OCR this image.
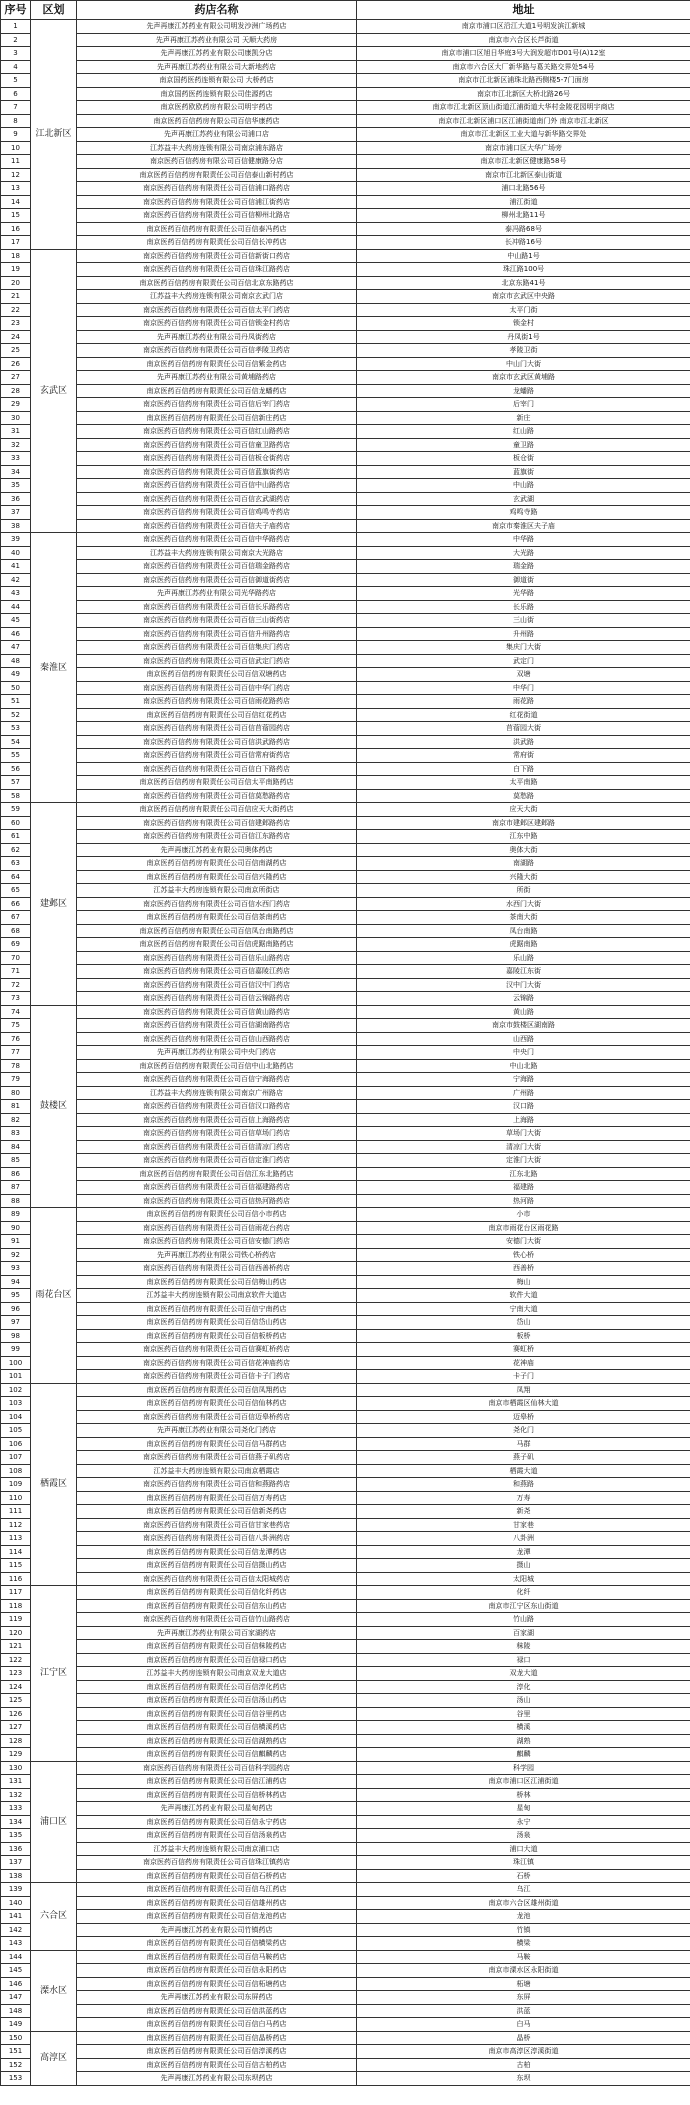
序号	区划	药店名称	地址
1	江北新区	先声再康江苏药业有限公司明发沙洲广场药店	南京市浦口区沿江大道1号明发滨江新城
2		先声再康江苏药业有限公司 天顺大药房	南京市六合区长芦街道
3		先声再康江苏药业有限公司康凯分店	南京市浦口区旭日华庭3号大润发超市D01号(A)12室
4		先声再康江苏药业有限公司大新地药店	南京市六合区大厂新华路与葛关路交界处54号
5		南京国药医药连锁有限公司 大桥药店	南京市江北新区浦珠北路西侧楼5-7门面房
6		南京国药医药连锁有限公司佳源药店	南京市江北新区大桥北路26号
7		南京医药欧欧药房有限公司明宇药店	南京市江北新区顶山街道江浦街道大华村金陵花园明宇商店
8		南京医药百信药房有限公司百信华康药店	南京市江北新区浦口区江浦街道南门外 南京市江北新区
9		先声再康江苏药业有限公司浦口店	南京市江北新区工业大道与新华路交界处
10		江苏益丰大药房连锁有限公司南京浦东路店	南京市浦口区大华广场旁
11		南京医药百信药房有限公司百信健康路分店	南京市江北新区健康路58号
12		南京医药百信药房有限责任公司百信泰山新村药店	南京市江北新区泰山街道
13		南京医药百信药房有限责任公司百信浦口路药店	浦口北路56号
14		南京医药百信药房有限责任公司百信浦江街药店	浦江街道
15		南京医药百信药房有限责任公司百信柳州北路店	柳州北路11号
16		南京医药百信药房有限责任公司百信泰冯药店	泰冯路68号
17		南京医药百信药房有限责任公司百信长冲药店	长冲路16号
18	玄武区	南京医药百信药房有限责任公司百信新街口药店	中山路1号
19		南京医药百信药房有限责任公司百信珠江路药店	珠江路100号
20		南京医药百信药房有限责任公司百信北京东路药店	北京东路41号
21		江苏益丰大药房连锁有限公司南京玄武门店	南京市玄武区中央路
22		南京医药百信药房有限责任公司百信太平门药店	太平门街
23		南京医药百信药房有限责任公司百信锁金村药店	锁金村
24		先声再康江苏药业有限公司丹凤街药店	丹凤街1号
25		南京医药百信药房有限责任公司百信孝陵卫药店	孝陵卫街
26		南京医药百信药房有限责任公司百信紫金药店	中山门大街
27		先声再康江苏药业有限公司黄埔路药店	南京市玄武区黄埔路
28		南京医药百信药房有限责任公司百信龙蟠药店	龙蟠路
29		南京医药百信药房有限责任公司百信后宰门药店	后宰门
30		南京医药百信药房有限责任公司百信新庄药店	新庄
31		南京医药百信药房有限责任公司百信红山路药店	红山路
32		南京医药百信药房有限责任公司百信童卫路药店	童卫路
33		南京医药百信药房有限责任公司百信板仓街药店	板仓街
34		南京医药百信药房有限责任公司百信蓝旗街药店	蓝旗街
35		南京医药百信药房有限责任公司百信中山路药店	中山路
36		南京医药百信药房有限责任公司百信玄武湖药店	玄武湖
37		南京医药百信药房有限责任公司百信鸡鸣寺药店	鸡鸣寺路
38		南京医药百信药房有限责任公司百信夫子庙药店	南京市秦淮区夫子庙
39	秦淮区	南京医药百信药房有限责任公司百信中华路药店	中华路
40		江苏益丰大药房连锁有限公司南京大光路店	大光路
41		南京医药百信药房有限责任公司百信瑞金路药店	瑞金路
42		南京医药百信药房有限责任公司百信御道街药店	御道街
43		先声再康江苏药业有限公司光华路药店	光华路
44		南京医药百信药房有限责任公司百信长乐路药店	长乐路
45		南京医药百信药房有限责任公司百信三山街药店	三山街
46		南京医药百信药房有限责任公司百信升州路药店	升州路
47		南京医药百信药房有限责任公司百信集庆门药店	集庆门大街
48		南京医药百信药房有限责任公司百信武定门药店	武定门
49		南京医药百信药房有限责任公司百信双塘药店	双塘
50		南京医药百信药房有限责任公司百信中华门药店	中华门
51		南京医药百信药房有限责任公司百信雨花路药店	雨花路
52		南京医药百信药房有限责任公司百信红花药店	红花街道
53		南京医药百信药房有限责任公司百信苜蓿园药店	苜蓿园大街
54		南京医药百信药房有限责任公司百信洪武路药店	洪武路
55		南京医药百信药房有限责任公司百信常府街药店	常府街
56		南京医药百信药房有限责任公司百信白下路药店	白下路
57		南京医药百信药房有限责任公司百信太平南路药店	太平南路
58		南京医药百信药房有限责任公司百信莫愁路药店	莫愁路
59	建邺区	南京医药百信药房有限责任公司百信应天大街药店	应天大街
60		南京医药百信药房有限责任公司百信建邺路药店	南京市建邺区建邺路
61		南京医药百信药房有限责任公司百信江东路药店	江东中路
62		先声再康江苏药业有限公司奥体药店	奥体大街
63		南京医药百信药房有限责任公司百信南湖药店	南湖路
64		南京医药百信药房有限责任公司百信兴隆药店	兴隆大街
65		江苏益丰大药房连锁有限公司南京所街店	所街
66		南京医药百信药房有限责任公司百信水西门药店	水西门大街
67		南京医药百信药房有限责任公司百信茶南药店	茶南大街
68		南京医药百信药房有限责任公司百信凤台南路药店	凤台南路
69		南京医药百信药房有限责任公司百信虎踞南路药店	虎踞南路
70		南京医药百信药房有限责任公司百信乐山路药店	乐山路
71		南京医药百信药房有限责任公司百信嘉陵江药店	嘉陵江东街
72		南京医药百信药房有限责任公司百信汉中门药店	汉中门大街
73		南京医药百信药房有限责任公司百信云锦路药店	云锦路
74	鼓楼区	南京医药百信药房有限责任公司百信黄山路药店	黄山路
75		南京医药百信药房有限责任公司百信湖南路药店	南京市鼓楼区湖南路
76		南京医药百信药房有限责任公司百信山西路药店	山西路
77		先声再康江苏药业有限公司中央门药店	中央门
78		南京医药百信药房有限责任公司百信中山北路药店	中山北路
79		南京医药百信药房有限责任公司百信宁海路药店	宁海路
80		江苏益丰大药房连锁有限公司南京广州路店	广州路
81		南京医药百信药房有限责任公司百信汉口路药店	汉口路
82		南京医药百信药房有限责任公司百信上海路药店	上海路
83		南京医药百信药房有限责任公司百信草场门药店	草场门大街
84		南京医药百信药房有限责任公司百信清凉门药店	清凉门大街
85		南京医药百信药房有限责任公司百信定淮门药店	定淮门大街
86		南京医药百信药房有限责任公司百信江东北路药店	江东北路
87		南京医药百信药房有限责任公司百信福建路药店	福建路
88		南京医药百信药房有限责任公司百信热河路药店	热河路
89	雨花台区	南京医药百信药房有限责任公司百信小市药店	小市
90		南京医药百信药房有限责任公司百信雨花台药店	南京市雨花台区雨花路
91		南京医药百信药房有限责任公司百信安德门药店	安德门大街
92		先声再康江苏药业有限公司铁心桥药店	铁心桥
93		南京医药百信药房有限责任公司百信西善桥药店	西善桥
94		南京医药百信药房有限责任公司百信梅山药店	梅山
95		江苏益丰大药房连锁有限公司南京软件大道店	软件大道
96		南京医药百信药房有限责任公司百信宁南药店	宁南大道
97		南京医药百信药房有限责任公司百信岱山药店	岱山
98		南京医药百信药房有限责任公司百信板桥药店	板桥
99		南京医药百信药房有限责任公司百信赛虹桥药店	赛虹桥
100		南京医药百信药房有限责任公司百信花神庙药店	花神庙
101		南京医药百信药房有限责任公司百信卡子门药店	卡子门
102	栖霞区	南京医药百信药房有限责任公司百信凤翔药店	凤翔
103		南京医药百信药房有限责任公司百信仙林药店	南京市栖霞区仙林大道
104		南京医药百信药房有限责任公司百信迈皋桥药店	迈皋桥
105		先声再康江苏药业有限公司尧化门药店	尧化门
106		南京医药百信药房有限责任公司百信马群药店	马群
107		南京医药百信药房有限责任公司百信燕子矶药店	燕子矶
108		江苏益丰大药房连锁有限公司南京栖霞店	栖霞大道
109		南京医药百信药房有限责任公司百信和燕路药店	和燕路
110		南京医药百信药房有限责任公司百信万寿药店	万寿
111		南京医药百信药房有限责任公司百信新尧药店	新尧
112		南京医药百信药房有限责任公司百信甘家巷药店	甘家巷
113		南京医药百信药房有限责任公司百信八卦洲药店	八卦洲
114		南京医药百信药房有限责任公司百信龙潭药店	龙潭
115		南京医药百信药房有限责任公司百信摄山药店	摄山
116		南京医药百信药房有限责任公司百信太阳城药店	太阳城
117	江宁区	南京医药百信药房有限责任公司百信化纤药店	化纤
118		南京医药百信药房有限责任公司百信东山药店	南京市江宁区东山街道
119		南京医药百信药房有限责任公司百信竹山路药店	竹山路
120		先声再康江苏药业有限公司百家湖药店	百家湖
121		南京医药百信药房有限责任公司百信秣陵药店	秣陵
122		南京医药百信药房有限责任公司百信禄口药店	禄口
123		江苏益丰大药房连锁有限公司南京双龙大道店	双龙大道
124		南京医药百信药房有限责任公司百信淳化药店	淳化
125		南京医药百信药房有限责任公司百信汤山药店	汤山
126		南京医药百信药房有限责任公司百信谷里药店	谷里
127		南京医药百信药房有限责任公司百信横溪药店	横溪
128		南京医药百信药房有限责任公司百信湖熟药店	湖熟
129		南京医药百信药房有限责任公司百信麒麟药店	麒麟
130	浦口区	南京医药百信药房有限责任公司百信科学园药店	科学园
131		南京医药百信药房有限责任公司百信江浦药店	南京市浦口区江浦街道
132		南京医药百信药房有限责任公司百信桥林药店	桥林
133		先声再康江苏药业有限公司星甸药店	星甸
134		南京医药百信药房有限责任公司百信永宁药店	永宁
135		南京医药百信药房有限责任公司百信汤泉药店	汤泉
136		江苏益丰大药房连锁有限公司南京浦口店	浦口大道
137		南京医药百信药房有限责任公司百信珠江镇药店	珠江镇
138		南京医药百信药房有限责任公司百信石桥药店	石桥
139	六合区	南京医药百信药房有限责任公司百信乌江药店	乌江
140		南京医药百信药房有限责任公司百信雄州药店	南京市六合区雄州街道
141		南京医药百信药房有限责任公司百信龙池药店	龙池
142		先声再康江苏药业有限公司竹镇药店	竹镇
143		南京医药百信药房有限责任公司百信横梁药店	横梁
144	溧水区	南京医药百信药房有限责任公司百信马鞍药店	马鞍
145		南京医药百信药房有限责任公司百信永阳药店	南京市溧水区永阳街道
146		南京医药百信药房有限责任公司百信柘塘药店	柘塘
147		先声再康江苏药业有限公司东屏药店	东屏
148		南京医药百信药房有限责任公司百信洪蓝药店	洪蓝
149		南京医药百信药房有限责任公司百信白马药店	白马
150	高淳区	南京医药百信药房有限责任公司百信晶桥药店	晶桥
151		南京医药百信药房有限责任公司百信淳溪药店	南京市高淳区淳溪街道
152		南京医药百信药房有限责任公司百信古柏药店	古柏
153		先声再康江苏药业有限公司东坝药店	东坝
